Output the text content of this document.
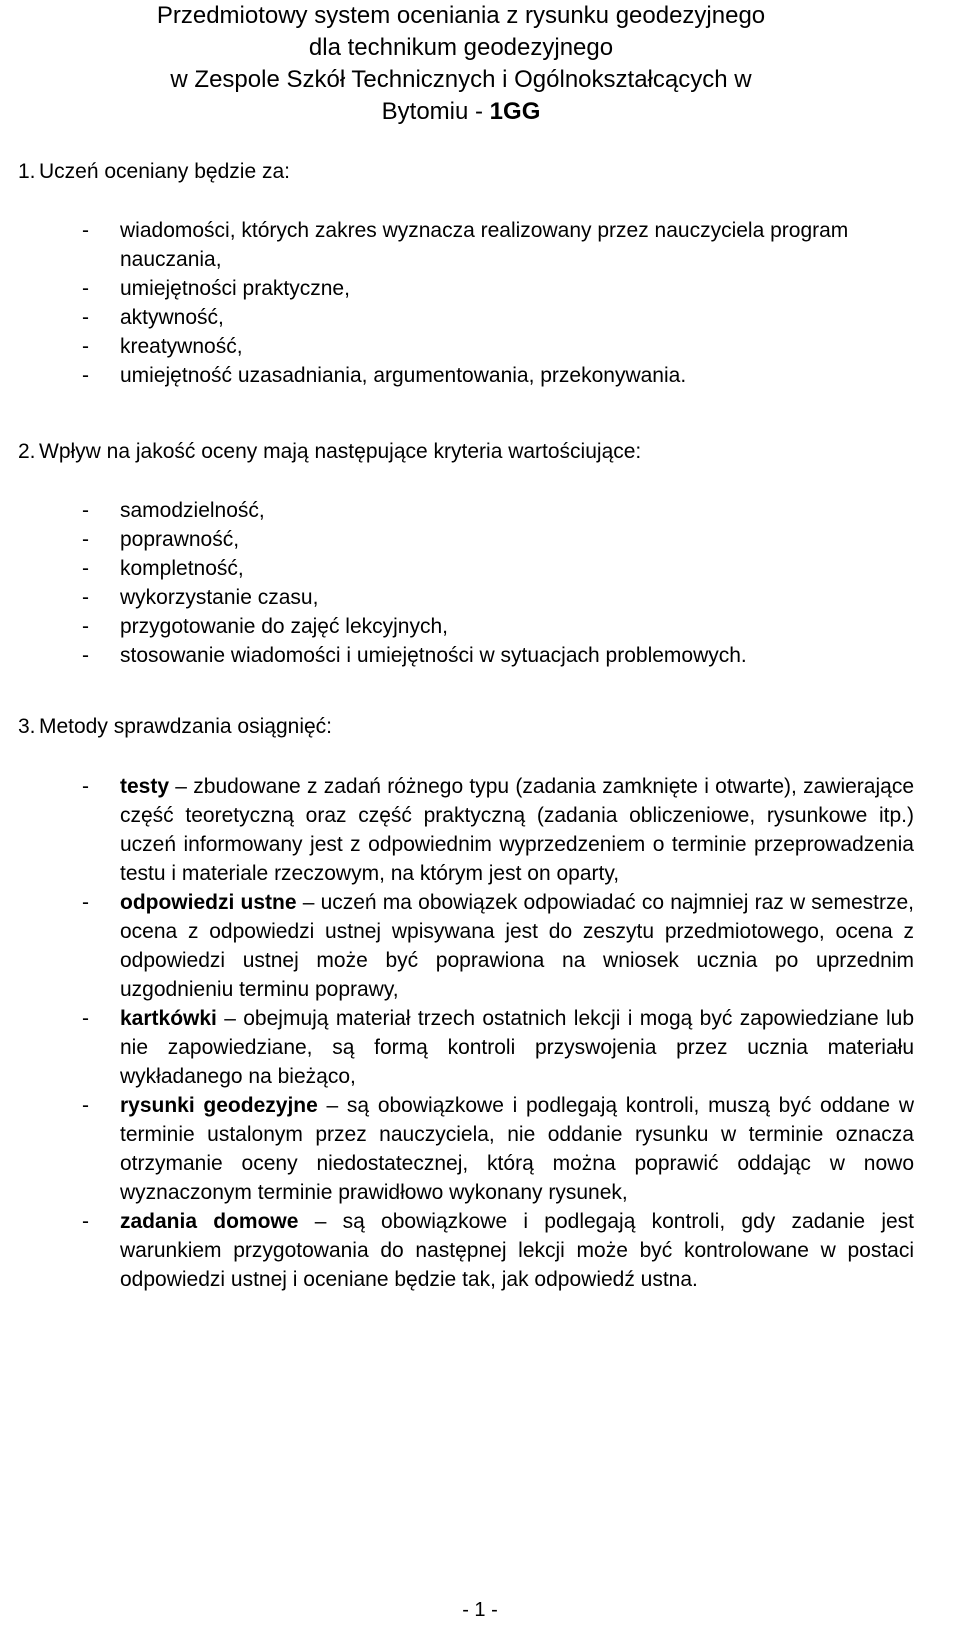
Przedmiotowy system oceniania z rysunku geodezyjnego
dla technikum geodezyjnego
w Zespole Szkół Technicznych i Ogólnokształcących w
Bytomiu - 1GG
1. Uczeń oceniany będzie za:
- wiadomości, których zakres wyznacza realizowany przez nauczyciela program nauczania,
- umiejętności praktyczne,
- aktywność,
- kreatywność,
- umiejętność uzasadniania, argumentowania, przekonywania.
2. Wpływ na jakość oceny mają następujące kryteria wartościujące:
- samodzielność,
- poprawność,
- kompletność,
- wykorzystanie czasu,
- przygotowanie do zajęć lekcyjnych,
- stosowanie wiadomości i umiejętności w sytuacjach problemowych.
3. Metody sprawdzania osiągnięć:
- testy – zbudowane z zadań różnego typu (zadania zamknięte i otwarte), zawierające część teoretyczną oraz część praktyczną (zadania obliczeniowe, rysunkowe itp.) uczeń informowany jest z odpowiednim wyprzedzeniem o terminie przeprowadzenia testu i materiale rzeczowym, na którym jest on oparty,
- odpowiedzi ustne – uczeń ma obowiązek odpowiadać co najmniej raz w semestrze, ocena z odpowiedzi ustnej wpisywana jest do zeszytu przedmiotowego, ocena z odpowiedzi ustnej może być poprawiona na wniosek ucznia po uprzednim uzgodnieniu terminu poprawy,
- kartkówki – obejmują materiał trzech ostatnich lekcji i mogą być zapowiedziane lub nie zapowiedziane, są formą kontroli przyswojenia przez ucznia materiału wykładanego na bieżąco,
- rysunki geodezyjne – są obowiązkowe i podlegają kontroli, muszą być oddane w terminie ustalonym przez nauczyciela, nie oddanie rysunku w terminie oznacza otrzymanie oceny niedostatecznej, którą można poprawić oddając w nowo wyznaczonym terminie prawidłowo wykonany rysunek,
- zadania domowe – są obowiązkowe i podlegają kontroli, gdy zadanie jest warunkiem przygotowania do następnej lekcji może być kontrolowane w postaci odpowiedzi ustnej i oceniane będzie tak, jak odpowiedź ustna.
- 1 -
